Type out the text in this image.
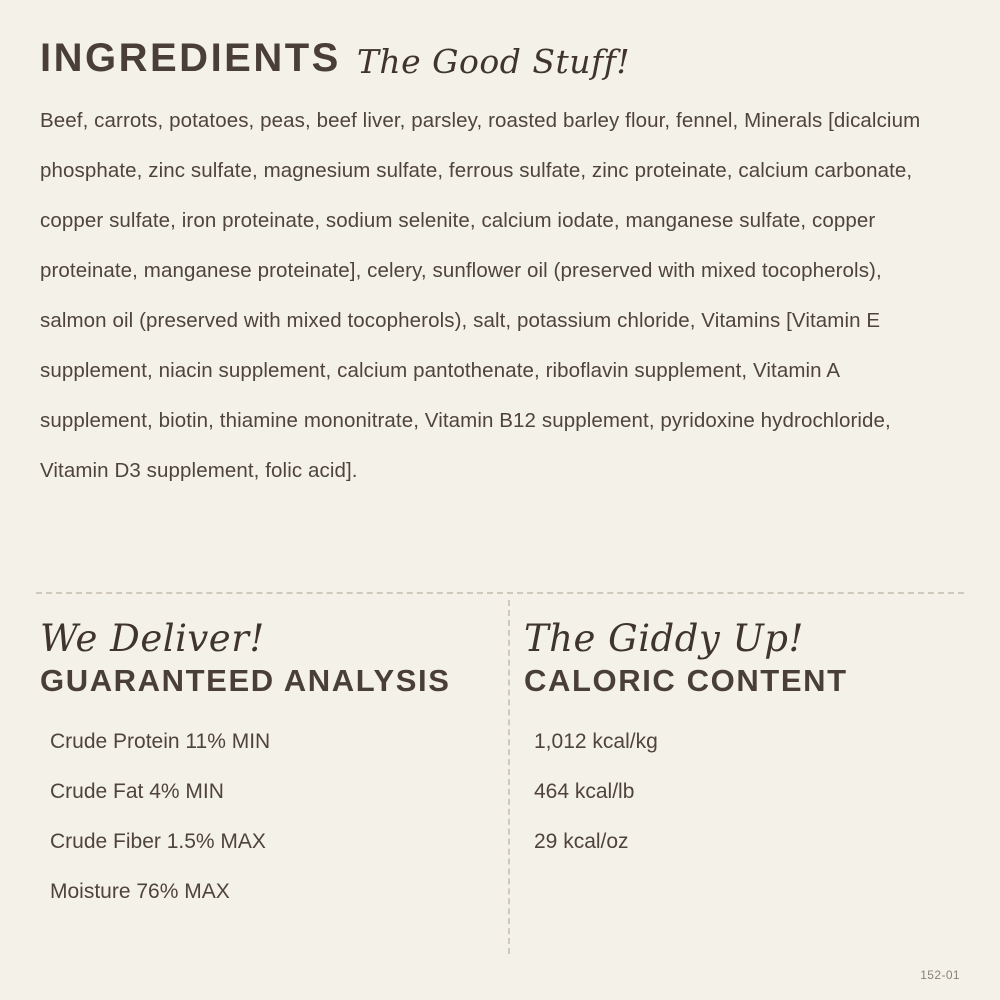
INGREDIENTS The Good Stuff!
Beef, carrots, potatoes, peas, beef liver, parsley, roasted barley flour, fennel, Minerals [dicalcium phosphate, zinc sulfate, magnesium sulfate, ferrous sulfate, zinc proteinate, calcium carbonate, copper sulfate, iron proteinate, sodium selenite, calcium iodate, manganese sulfate, copper proteinate, manganese proteinate], celery, sunflower oil (preserved with mixed tocopherols), salmon oil (preserved with mixed tocopherols), salt, potassium chloride, Vitamins [Vitamin E supplement, niacin supplement, calcium pantothenate, riboflavin supplement, Vitamin A supplement, biotin, thiamine mononitrate, Vitamin B12 supplement, pyridoxine hydrochloride, Vitamin D3 supplement, folic acid].
We Deliver!
GUARANTEED ANALYSIS
Crude Protein 11% MIN
Crude Fat 4% MIN
Crude Fiber 1.5% MAX
Moisture 76% MAX
The Giddy Up!
CALORIC CONTENT
1,012 kcal/kg
464 kcal/lb
29 kcal/oz
152-01
